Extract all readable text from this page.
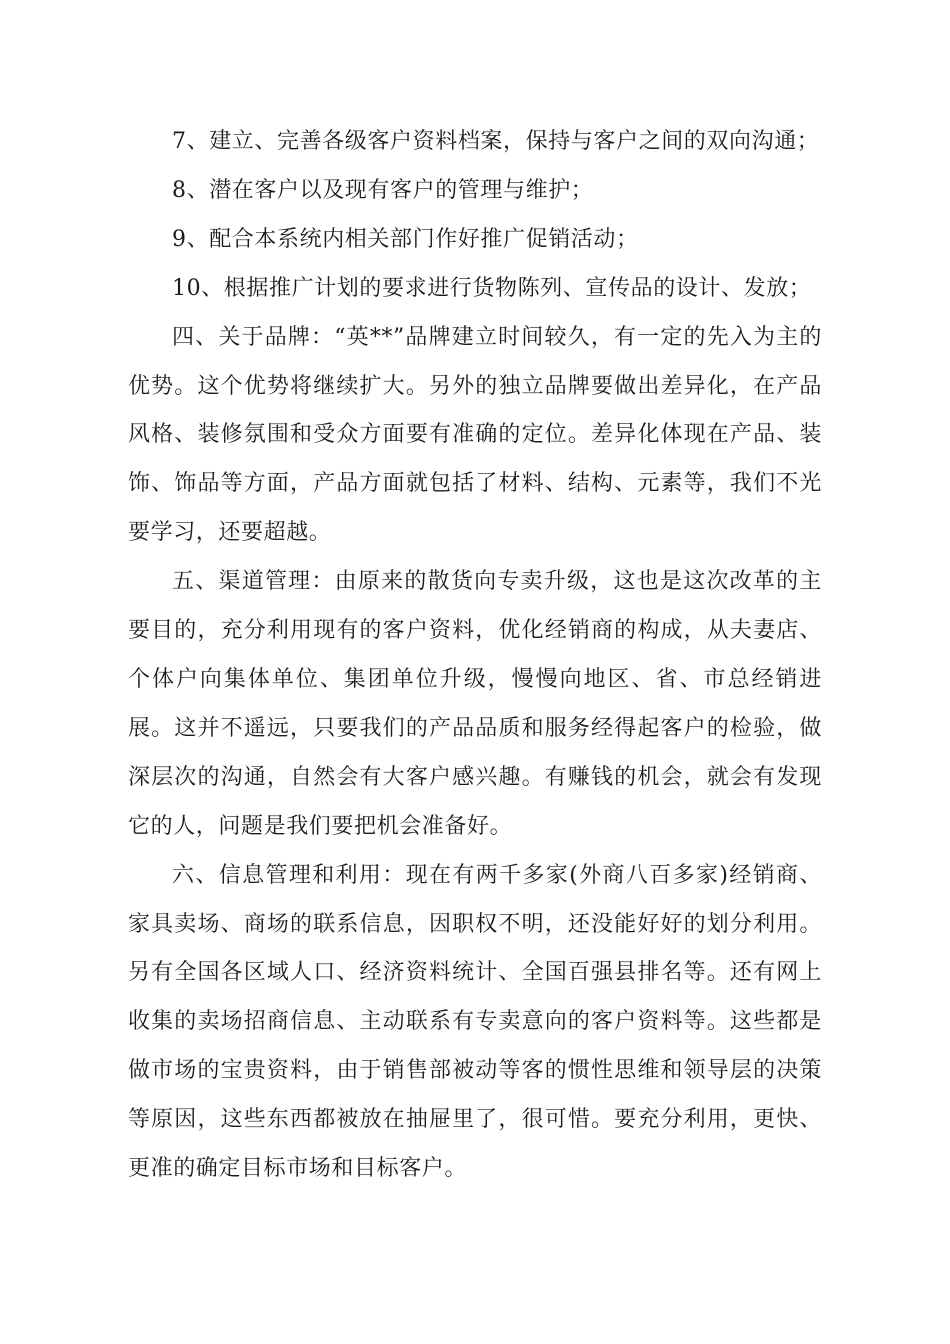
7、建立、完善各级客户资料档案，保持与客户之间的双向沟通；

8、潜在客户以及现有客户的管理与维护；

9、配合本系统内相关部门作好推广促销活动；

10、根据推广计划的要求进行货物陈列、宣传品的设计、发放；

四、关于品牌：“英**”品牌建立时间较久，有一定的先入为主的优势。这个优势将继续扩大。另外的独立品牌要做出差异化，在产品风格、装修氛围和受众方面要有准确的定位。差异化体现在产品、装饰、饰品等方面，产品方面就包括了材料、结构、元素等，我们不光要学习，还要超越。

五、渠道管理：由原来的散货向专卖升级，这也是这次改革的主要目的，充分利用现有的客户资料，优化经销商的构成，从夫妻店、个体户向集体单位、集团单位升级，慢慢向地区、省、市总经销进展。这并不遥远，只要我们的产品品质和服务经得起客户的检验，做深层次的沟通，自然会有大客户感兴趣。有赚钱的机会，就会有发现它的人，问题是我们要把机会准备好。

六、信息管理和利用：现在有两千多家(外商八百多家)经销商、家具卖场、商场的联系信息，因职权不明，还没能好好的划分利用。另有全国各区域人口、经济资料统计、全国百强县排名等。还有网上收集的卖场招商信息、主动联系有专卖意向的客户资料等。这些都是做市场的宝贵资料，由于销售部被动等客的惯性思维和领导层的决策等原因，这些东西都被放在抽屉里了，很可惜。要充分利用，更快、更准的确定目标市场和目标客户。
